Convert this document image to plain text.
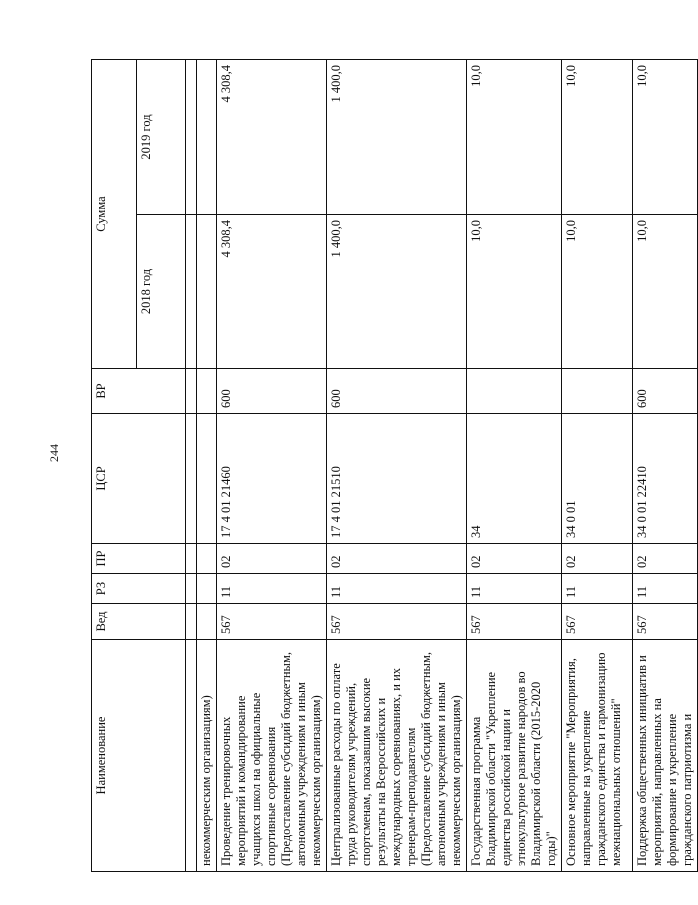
244
Наименование	Вед	РЗ	ПР	ЦСР	ВР	Сумма	
						2018 год	2019 год

некоммерческим организациям)							
Проведение тренировочных мероприятий и командирование учащихся школ на официальные спортивные соревнования (Предоставление субсидий бюджетным, автономным учреждениям и иным некоммерческим организациям)	567	11	02	17 4 01 21460	600	4 308,4	4 308,4
Централизованные расходы по оплате труда руководителям учреждений, спортсменам, показавшим высокие результаты на Всероссийских и международных соревнованиях, и их тренерам-преподавателям (Предоставление субсидий бюджетным, автономным учреждениям и иным некоммерческим организациям)	567	11	02	17 4 01 21510	600	1 400,0	1 400,0
Государственная программа Владимирской области "Укрепление единства российской нации и этнокультурное развитие народов во Владимирской области (2015-2020 годы)"	567	11	02	34		10,0	10,0
Основное мероприятие "Мероприятия, направленные на укрепление гражданского единства и гармонизацию межнациональных отношений"	567	11	02	34 0 01		10,0	10,0
Поддержка общественных инициатив и мероприятий, направленных на формирование и укрепление гражданского патриотизма и	567	11	02	34 0 01 22410	600	10,0	10,0
